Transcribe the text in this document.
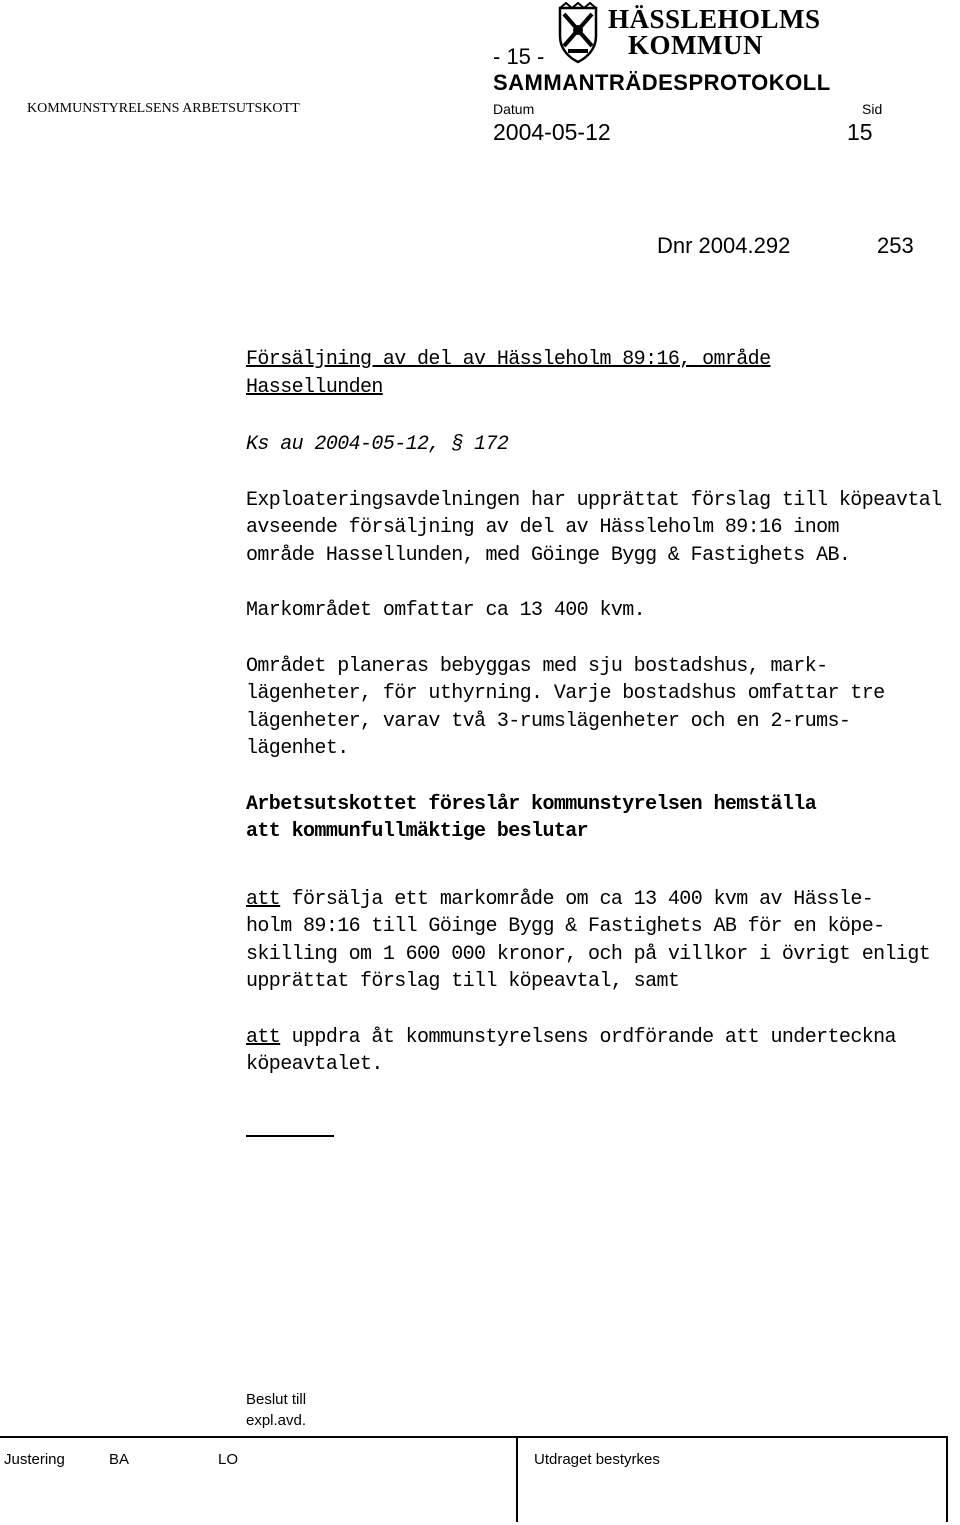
HÄSSLEHOLMS
KOMMUN
- 15 -
SAMMANTRÄDESPROTOKOLL
KOMMUNSTYRELSENS ARBETSUTSKOTT	Datum	Sid
2004-05-12	15
Dnr 2004.292	253

Försäljning av del av Hässleholm 89:16, område
Hassellunden

Ks au 2004-05-12, § 172

Exploateringsavdelningen har upprättat förslag till köpeavtal
avseende försäljning av del av Hässleholm 89:16 inom
område Hassellunden, med Göinge Bygg & Fastighets AB.

Markområdet omfattar ca 13 400 kvm.

Området planeras bebyggas med sju bostadshus, mark-
lägenheter, för uthyrning. Varje bostadshus omfattar tre
lägenheter, varav två 3-rumslägenheter och en 2-rums-
lägenhet.

Arbetsutskottet föreslår kommunstyrelsen hemställa
att kommunfullmäktige beslutar

att försälja ett markområde om ca 13 400 kvm av Hässle-
holm 89:16 till Göinge Bygg & Fastighets AB för en köpe-
skilling om 1 600 000 kronor, och på villkor i övrigt enligt
upprättat förslag till köpeavtal, samt

att uppdra åt kommunstyrelsens ordförande att underteckna
köpeavtalet.

Beslut till
expl.avd.
Justering	BA	LO	Utdraget bestyrkes
